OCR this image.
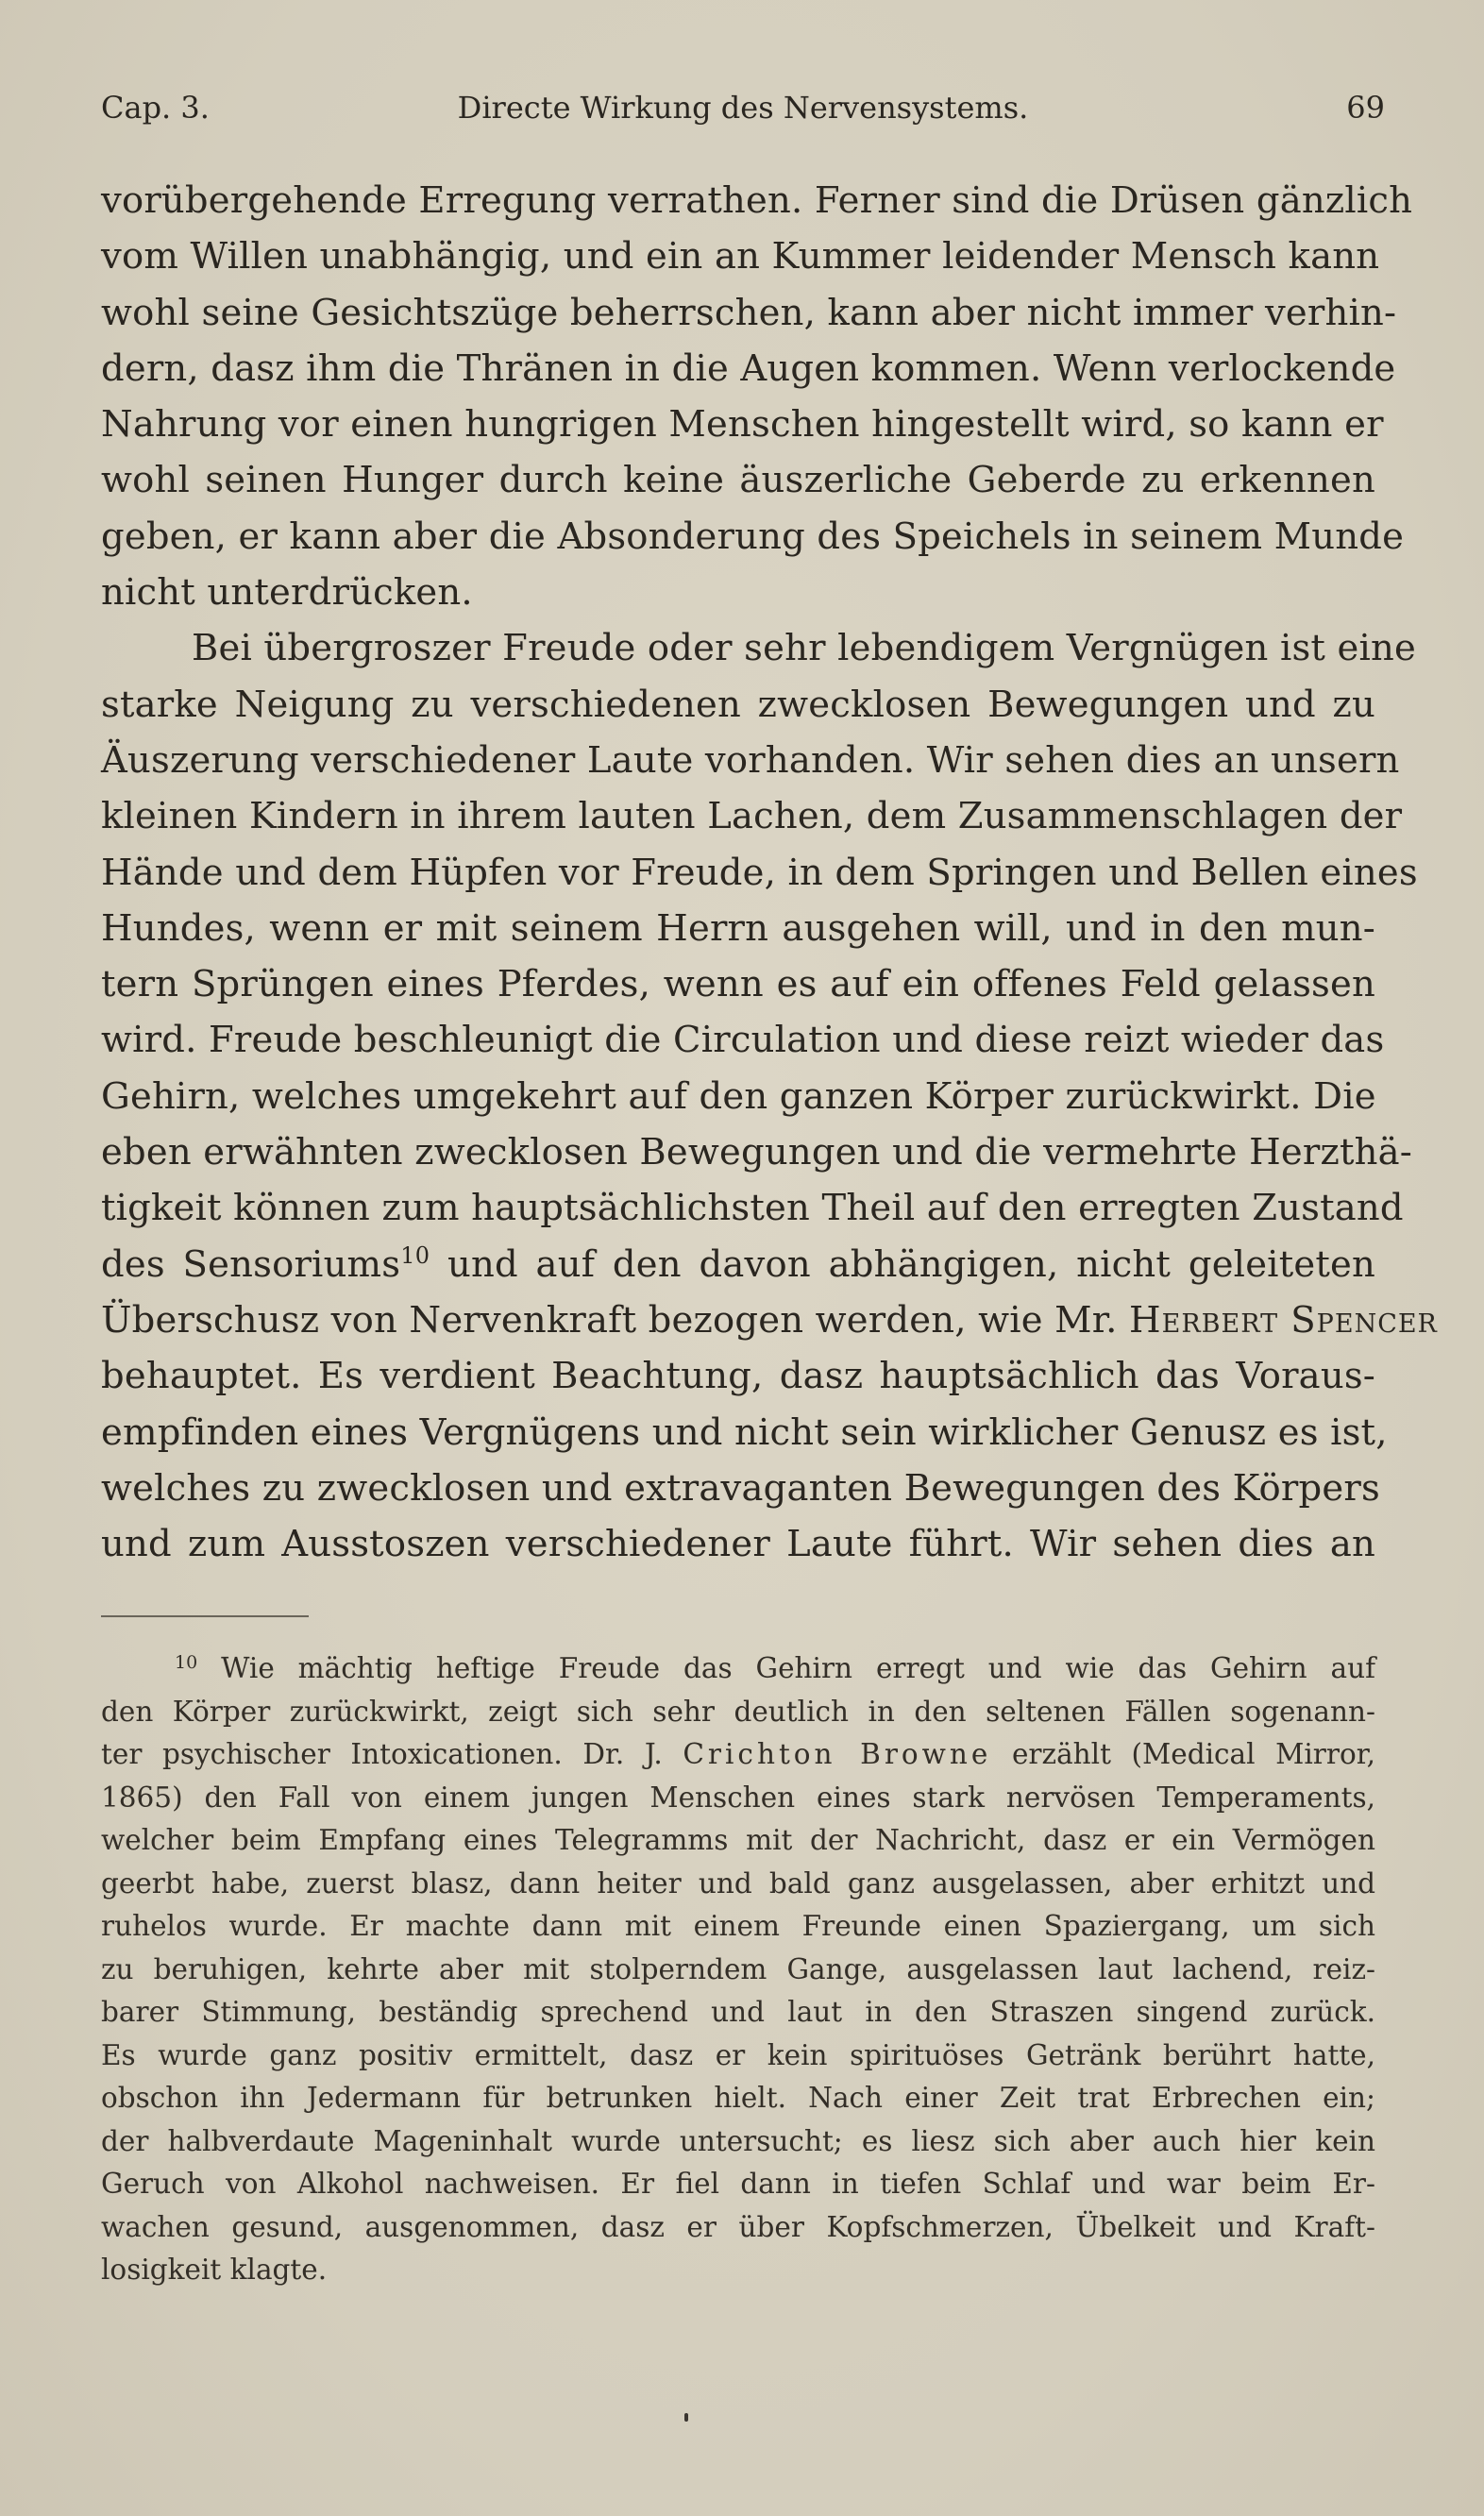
Cap. 3.	Directe Wirkung des Nervensystems.	69
vorübergehende Erregung verrathen. Ferner sind die Drüsen gänzlich
vom Willen unabhängig, und ein an Kummer leidender Mensch kann
wohl seine Gesichtszüge beherrschen, kann aber nicht immer verhin-
dern, dasz ihm die Thränen in die Augen kommen. Wenn verlockende
Nahrung vor einen hungrigen Menschen hingestellt wird, so kann er
wohl seinen Hunger durch keine äuszerliche Geberde zu erkennen
geben, er kann aber die Absonderung des Speichels in seinem Munde
nicht unterdrücken.
Bei übergroszer Freude oder sehr lebendigem Vergnügen ist eine
starke Neigung zu verschiedenen zwecklosen Bewegungen und zu
Äuszerung verschiedener Laute vorhanden. Wir sehen dies an unsern
kleinen Kindern in ihrem lauten Lachen, dem Zusammenschlagen der
Hände und dem Hüpfen vor Freude, in dem Springen und Bellen eines
Hundes, wenn er mit seinem Herrn ausgehen will, und in den mun-
tern Sprüngen eines Pferdes, wenn es auf ein offenes Feld gelassen
wird. Freude beschleunigt die Circulation und diese reizt wieder das
Gehirn, welches umgekehrt auf den ganzen Körper zurückwirkt. Die
eben erwähnten zwecklosen Bewegungen und die vermehrte Herzthä-
tigkeit können zum hauptsächlichsten Theil auf den erregten Zustand
des Sensoriums$^{10}$ und auf den davon abhängigen, nicht geleiteten
Überschusz von Nervenkraft bezogen werden, wie Mr. Herbert Spencer
behauptet. Es verdient Beachtung, dasz hauptsächlich das Voraus-
empfinden eines Vergnügens und nicht sein wirklicher Genusz es ist,
welches zu zwecklosen und extravaganten Bewegungen des Körpers
und zum Ausstoszen verschiedener Laute führt. Wir sehen dies an
$^{10}$ Wie mächtig heftige Freude das Gehirn erregt und wie das Gehirn auf
den Körper zurückwirkt, zeigt sich sehr deutlich in den seltenen Fällen sogenann-
ter psychischer Intoxicationen. Dr. J. Crichton Browne erzählt (Medical Mirror,
1865) den Fall von einem jungen Menschen eines stark nervösen Temperaments,
welcher beim Empfang eines Telegramms mit der Nachricht, dasz er ein Vermögen
geerbt habe, zuerst blasz, dann heiter und bald ganz ausgelassen, aber erhitzt und
ruhelos wurde. Er machte dann mit einem Freunde einen Spaziergang, um sich
zu beruhigen, kehrte aber mit stolperndem Gange, ausgelassen laut lachend, reiz-
barer Stimmung, beständig sprechend und laut in den Straszen singend zurück.
Es wurde ganz positiv ermittelt, dasz er kein spirituöses Getränk berührt hatte,
obschon ihn Jedermann für betrunken hielt. Nach einer Zeit trat Erbrechen ein;
der halbverdaute Mageninhalt wurde untersucht; es liesz sich aber auch hier kein
Geruch von Alkohol nachweisen. Er fiel dann in tiefen Schlaf und war beim Er-
wachen gesund, ausgenommen, dasz er über Kopfschmerzen, Übelkeit und Kraft-
losigkeit klagte.
